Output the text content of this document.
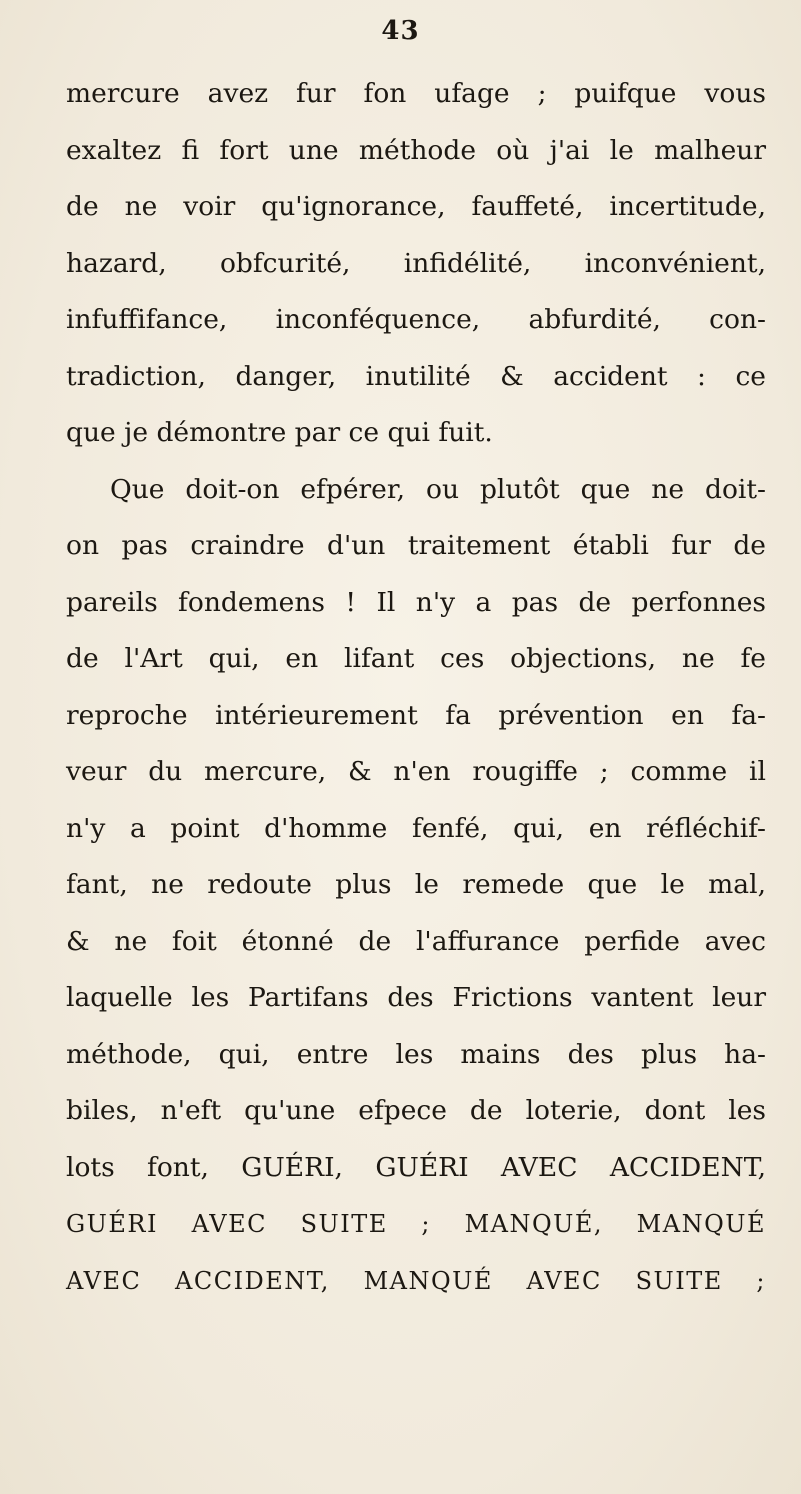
43
mercure avez fur fon ufage ; puifque vous
exaltez fi fort une méthode où j'ai le malheur
de ne voir qu'ignorance, fauffeté, incertitude,
hazard, obfcurité, infidélité, inconvénient,
infuffifance, inconféquence, abfurdité, con-
tradiction, danger, inutilité & accident : ce
que je démontre par ce qui fuit.
Que doit-on efpérer, ou plutôt que ne doit-
on pas craindre d'un traitement établi fur de
pareils fondemens ! Il n'y a pas de perfonnes
de l'Art qui, en lifant ces objections, ne fe
reproche intérieurement fa prévention en fa-
veur du mercure, & n'en rougiffe ; comme il
n'y a point d'homme fenfé, qui, en réfléchif-
fant, ne redoute plus le remede que le mal,
& ne foit étonné de l'affurance perfide avec
laquelle les Partifans des Frictions vantent leur
méthode, qui, entre les mains des plus ha-
biles, n'eft qu'une efpece de loterie, dont les
lots font, GUÉRI, GUÉRI AVEC ACCIDENT,
GUÉRI AVEC SUITE ; MANQUÉ, MANQUÉ
AVEC ACCIDENT, MANQUÉ AVEC SUITE ;
